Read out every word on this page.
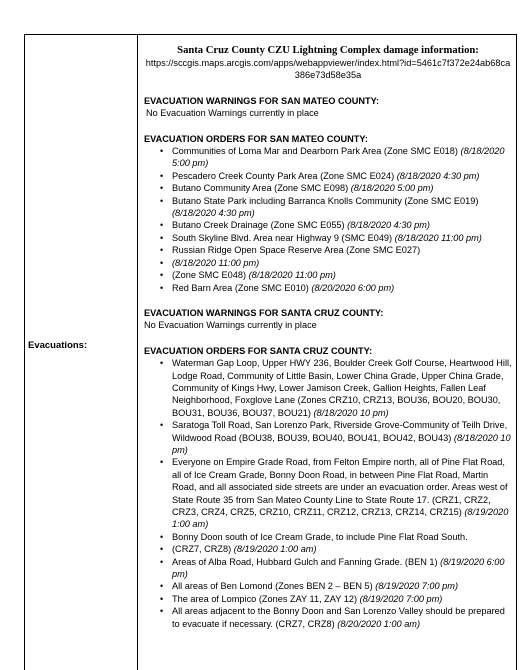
Evacuations:
Santa Cruz County CZU Lightning Complex damage information:
https://sccgis.maps.arcgis.com/apps/webappviewer/index.html?id=5461c7f372e24ab68ca386e73d58e35a
EVACUATION WARNINGS FOR SAN MATEO COUNTY:
No Evacuation Warnings currently in place
EVACUATION ORDERS FOR SAN MATEO COUNTY:
• Communities of Loma Mar and Dearborn Park Area (Zone SMC E018) (8/18/2020 5:00 pm)
• Pescadero Creek County Park Area (Zone SMC E024) (8/18/2020 4:30 pm)
• Butano Community Area (Zone SMC E098) (8/18/2020 5:00 pm)
• Butano State Park including Barranca Knolls Community (Zone SMC E019) (8/18/2020 4:30 pm)
• Butano Creek Drainage (Zone SMC E055) (8/18/2020 4:30 pm)
• South Skyline Blvd. Area near Highway 9 (SMC E049) (8/18/2020 11:00 pm)
• Russian Ridge Open Space Reserve Area (Zone SMC E027)
• (8/18/2020 11:00 pm)
• (Zone SMC E048) (8/18/2020 11:00 pm)
• Red Barn Area (Zone SMC E010) (8/20/2020 6:00 pm)
EVACUATION WARNINGS FOR SANTA CRUZ COUNTY:
No Evacuation Warnings currently in place
EVACUATION ORDERS FOR SANTA CRUZ COUNTY:
• Waterman Gap Loop, Upper HWY 236, Boulder Creek Golf Course, Heartwood Hill, Lodge Road, Community of Little Basin, Lower China Grade, Upper China Grade, Community of Kings Hwy, Lower Jamison Creek, Gallion Heights, Fallen Leaf Neighborhood, Foxglove Lane (Zones CRZ10, CRZ13, BOU36, BOU20, BOU30, BOU31, BOU36, BOU37, BOU21) (8/18/2020 10 pm)
• Saratoga Toll Road, San Lorenzo Park, Riverside Grove-Community of Teilh Drive, Wildwood Road (BOU38, BOU39, BOU40, BOU41, BOU42, BOU43) (8/18/2020 10 pm)
• Everyone on Empire Grade Road, from Felton Empire north, all of Pine Flat Road, all of Ice Cream Grade, Bonny Doon Road, in between Pine Flat Road, Martin Road, and all associated side streets are under an evacuation order. Areas west of State Route 35 from San Mateo County Line to State Route 17. (CRZ1, CRZ2, CRZ3, CRZ4, CRZ5, CRZ10, CRZ11, CRZ12, CRZ13, CRZ14, CRZ15) (8/19/2020 1:00 am)
• Bonny Doon south of Ice Cream Grade, to include Pine Flat Road South.
• (CRZ7, CRZ8) (8/19/2020 1:00 am)
• Areas of Alba Road, Hubbard Gulch and Fanning Grade. (BEN 1) (8/19/2020 6:00 pm)
• All areas of Ben Lomond (Zones BEN 2 – BEN 5) (8/19/2020 7:00 pm)
• The area of Lompico (Zones ZAY 11, ZAY 12) (8/19/2020 7:00 pm)
• All areas adjacent to the Bonny Doon and San Lorenzo Valley should be prepared to evacuate if necessary. (CRZ7, CRZ8) (8/20/2020 1:00 am)
